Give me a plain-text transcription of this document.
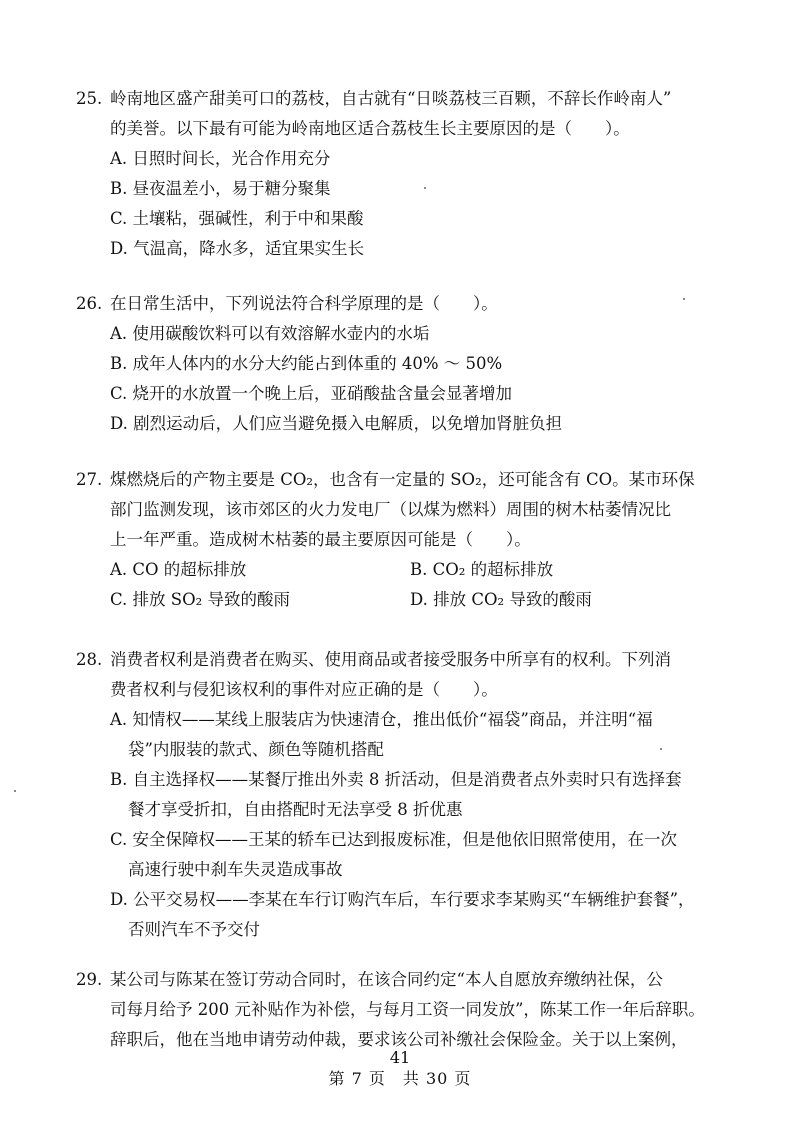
25. 岭南地区盛产甜美可口的荔枝，自古就有“日啖荔枝三百颗，不辞长作岭南人”
的美誉。以下最有可能为岭南地区适合荔枝生长主要原因的是（　　）。
A. 日照时间长，光合作用充分
B. 昼夜温差小，易于糖分聚集
C. 土壤粘，强碱性，利于中和果酸
D. 气温高，降水多，适宜果实生长
26. 在日常生活中，下列说法符合科学原理的是（　　）。
A. 使用碳酸饮料可以有效溶解水壶内的水垢
B. 成年人体内的水分大约能占到体重的 40% ～ 50%
C. 烧开的水放置一个晚上后，亚硝酸盐含量会显著增加
D. 剧烈运动后，人们应当避免摄入电解质，以免增加肾脏负担
27. 煤燃烧后的产物主要是 CO₂，也含有一定量的 SO₂，还可能含有 CO。某市环保
部门监测发现，该市郊区的火力发电厂（以煤为燃料）周围的树木枯萎情况比
上一年严重。造成树木枯萎的最主要原因可能是（　　）。
A. CO 的超标排放	B. CO₂ 的超标排放
C. 排放 SO₂ 导致的酸雨	D. 排放 CO₂ 导致的酸雨
28. 消费者权利是消费者在购买、使用商品或者接受服务中所享有的权利。下列消
费者权利与侵犯该权利的事件对应正确的是（　　）。
A. 知情权——某线上服装店为快速清仓，推出低价“福袋”商品，并注明“福
袋”内服装的款式、颜色等随机搭配
B. 自主选择权——某餐厅推出外卖 8 折活动，但是消费者点外卖时只有选择套
餐才享受折扣，自由搭配时无法享受 8 折优惠
C. 安全保障权——王某的轿车已达到报废标准，但是他依旧照常使用，在一次
高速行驶中刹车失灵造成事故
D. 公平交易权——李某在车行订购汽车后，车行要求李某购买“车辆维护套餐”，
否则汽车不予交付
29. 某公司与陈某在签订劳动合同时，在该合同约定“本人自愿放弃缴纳社保，公
司每月给予 200 元补贴作为补偿，与每月工资一同发放”，陈某工作一年后辞职。
辞职后，他在当地申请劳动仲裁，要求该公司补缴社会保险金。关于以上案例，
41
第 7 页　共 30 页
